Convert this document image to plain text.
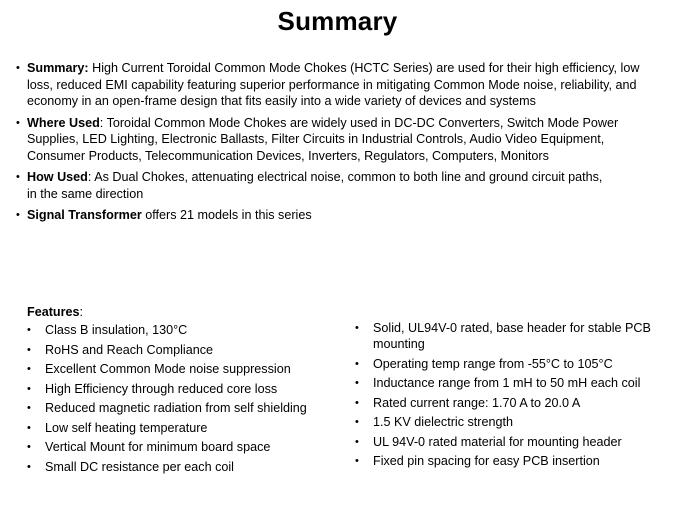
Summary
• Summary: High Current Toroidal Common Mode Chokes (HCTC Series) are used for their high efficiency, low loss, reduced EMI capability featuring superior performance in mitigating Common Mode noise, reliability, and economy in an open-frame design that fits easily into a wide variety of devices and systems
• Where Used: Toroidal Common Mode Chokes are widely used in DC-DC Converters, Switch Mode Power Supplies, LED Lighting, Electronic Ballasts, Filter Circuits in Industrial Controls, Audio Video Equipment, Consumer Products, Telecommunication Devices, Inverters, Regulators, Computers, Monitors
• How Used: As Dual Chokes, attenuating electrical noise, common to both line and ground circuit paths,
in the same direction
• Signal Transformer offers 21 models in this series
Features:
• Class B insulation, 130°C
• RoHS and Reach Compliance
• Excellent Common Mode noise suppression
• High Efficiency through reduced core loss
• Reduced magnetic radiation from self shielding
• Low self heating temperature
• Vertical Mount for minimum board space
• Small DC resistance per each coil
• Solid, UL94V-0 rated, base header for stable PCB mounting
• Operating temp range from -55°C to 105°C
• Inductance range from 1 mH to 50 mH each coil
• Rated current range: 1.70 A to 20.0 A
• 1.5 KV dielectric strength
• UL 94V-0 rated material for mounting header
• Fixed pin spacing for easy PCB insertion
